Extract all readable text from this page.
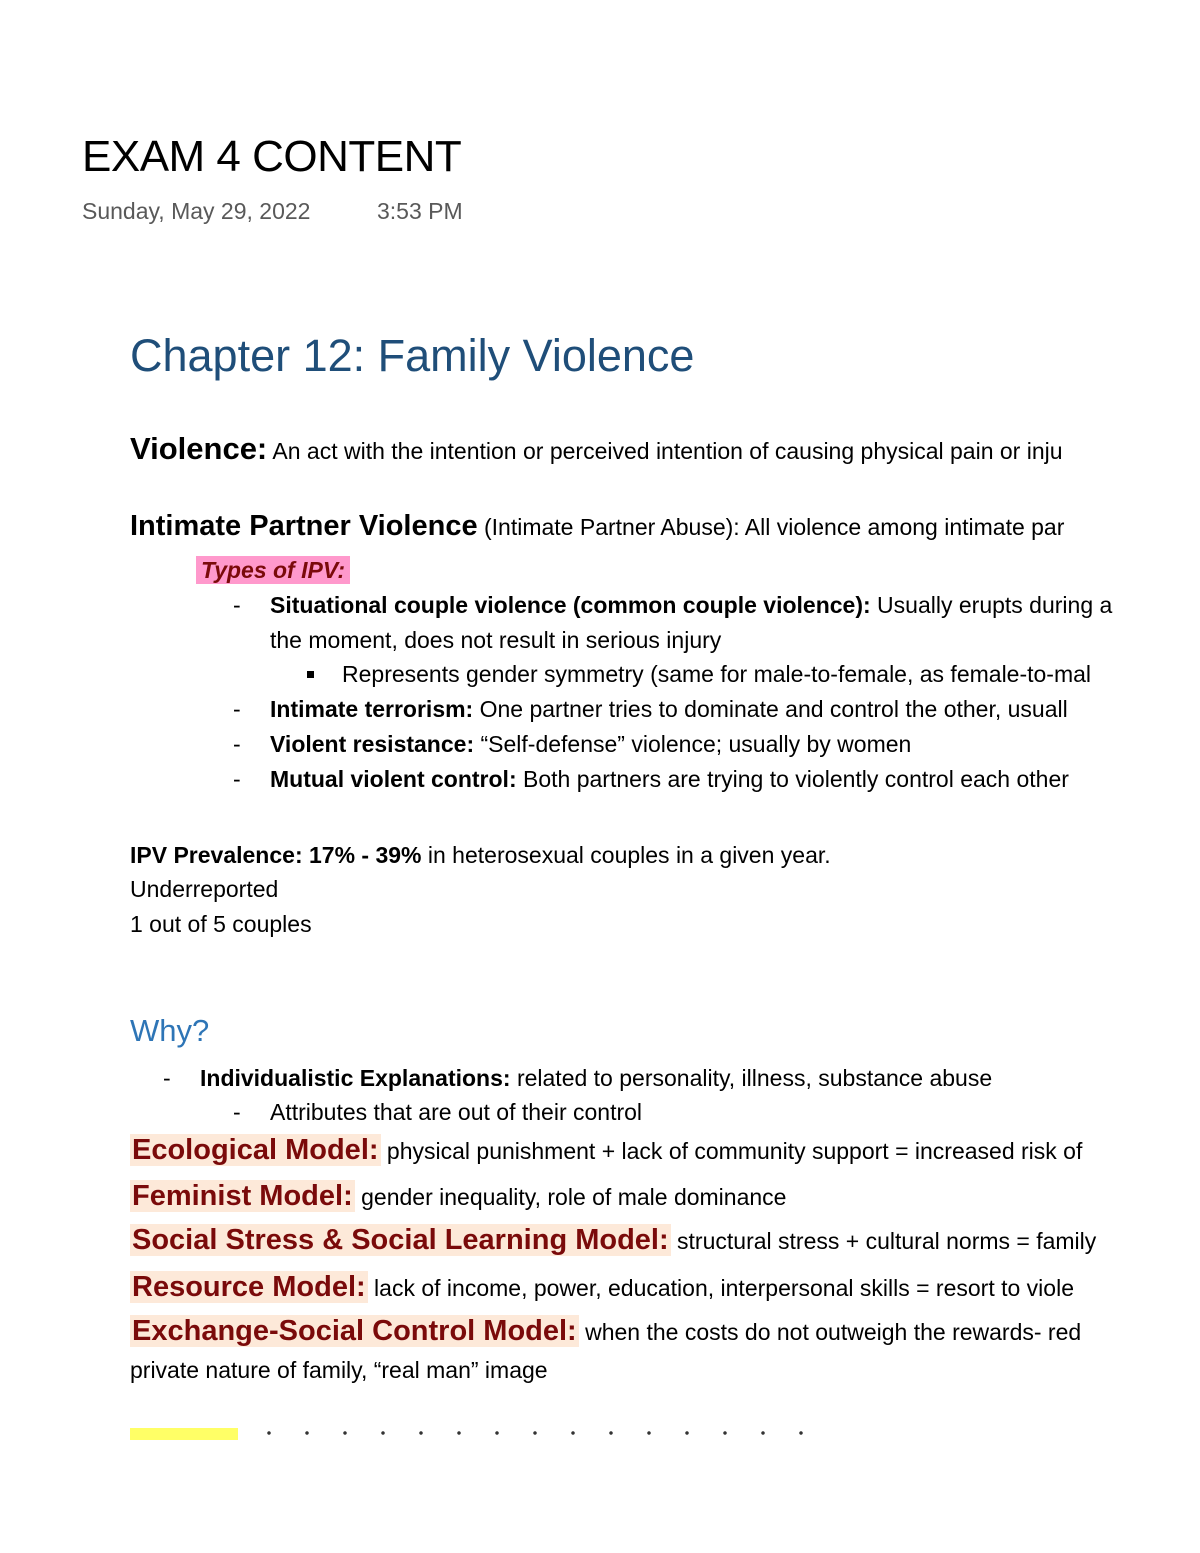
EXAM 4 CONTENT
Sunday, May 29, 2022	3:53 PM
Chapter 12: Family Violence
Violence: An act with the intention or perceived intention of causing physical pain or inju
Intimate Partner Violence (Intimate Partner Abuse): All violence among intimate par
Types of IPV:
- Situational couple violence (common couple violence): Usually erupts during a
the moment, does not result in serious injury
Represents gender symmetry (same for male-to-female, as female-to-mal
- Intimate terrorism: One partner tries to dominate and control the other, usuall
- Violent resistance: “Self-defense” violence; usually by women
- Mutual violent control: Both partners are trying to violently control each other
IPV Prevalence: 17% - 39% in heterosexual couples in a given year.
Underreported
1 out of 5 couples
Why?
- Individualistic Explanations: related to personality, illness, substance abuse
- Attributes that are out of their control
Ecological Model: physical punishment + lack of community support = increased risk of
Feminist Model: gender inequality, role of male dominance
Social Stress & Social Learning Model: structural stress + cultural norms = family
Resource Model: lack of income, power, education, interpersonal skills = resort to viole
Exchange-Social Control Model: when the costs do not outweigh the rewards- red
private nature of family, “real man” image
